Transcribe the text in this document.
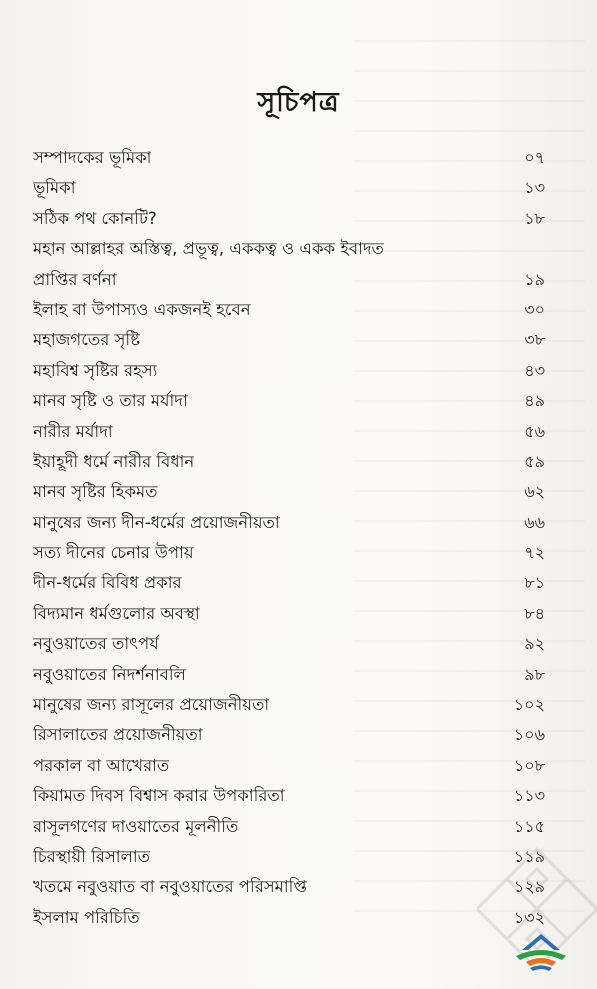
সূচিপত্র
সম্পাদকের ভূমিকা	০৭
ভূমিকা	১৩
সঠিক পথ কোনটি?	১৮
মহান আল্লাহর অস্তিত্ব, প্রভূত্ব, এককত্ব ও একক ইবাদত
প্রাপ্তির বর্ণনা	১৯
ইলাহ বা উপাস্যও একজনই হবেন	৩০
মহাজগতের সৃষ্টি	৩৮
মহাবিশ্ব সৃষ্টির রহস্য	৪৩
মানব সৃষ্টি ও তার মর্যাদা	৪৯
নারীর মর্যাদা	৫৬
ইয়াহূদী ধর্মে নারীর বিধান	৫৯
মানব সৃষ্টির হিকমত	৬২
মানুষের জন্য দীন-ধর্মের প্রয়োজনীয়তা	৬৬
সত্য দীনের চেনার উপায়	৭২
দীন-ধর্মের বিবিধ প্রকার	৮১
বিদ্যমান ধর্মগুলোর অবস্থা	৮৪
নবুওয়াতের তাৎপর্য	৯২
নবুওয়াতের নিদর্শনাবলি	৯৮
মানুষের জন্য রাসূলের প্রয়োজনীয়তা	১০২
রিসালাতের প্রয়োজনীয়তা	১০৬
পরকাল বা আখেরাত	১০৮
কিয়ামত দিবস বিশ্বাস করার উপকারিতা	১১৩
রাসূলগণের দাওয়াতের মূলনীতি	১১৫
চিরস্থায়ী রিসালাত	১১৯
খতমে নবুওয়াত বা নবুওয়াতের পরিসমাপ্তি	১২৯
ইসলাম পরিচিতি	১৩২
